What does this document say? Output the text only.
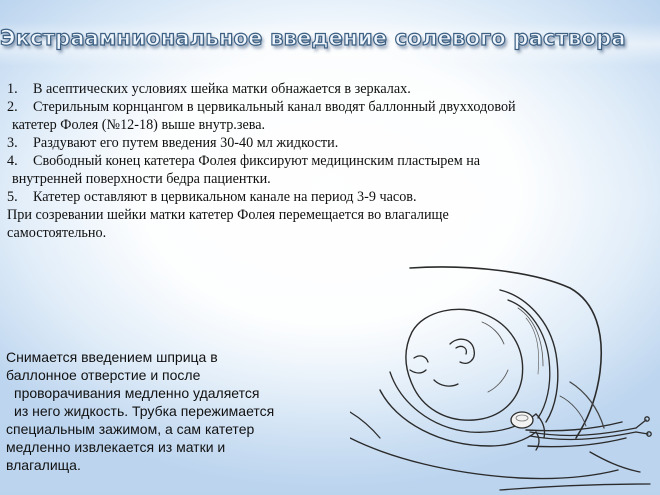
Экстраамниональное введение солевого раствора
1. В асептических условиях шейка матки обнажается в зеркалах.
2. Стерильным корнцангом в цервикальный канал вводят баллонный двухходовой
катетер Фолея (№12-18) выше внутр.зева.
3. Раздувают его путем введения 30-40 мл жидкости.
4. Свободный конец катетера Фолея фиксируют медицинским пластырем на
внутренней поверхности бедра пациентки.
5. Катетер оставляют в цервикальном канале на период 3-9 часов.
При созревании шейки матки катетер Фолея перемещается во влагалище
самостоятельно.
Снимается введением шприца в
баллонное отверстие и после
проворачивания медленно удаляется
из него жидкость. Трубка пережимается
специальным зажимом, а сам катетер
медленно извлекается из матки и
влагалища.
